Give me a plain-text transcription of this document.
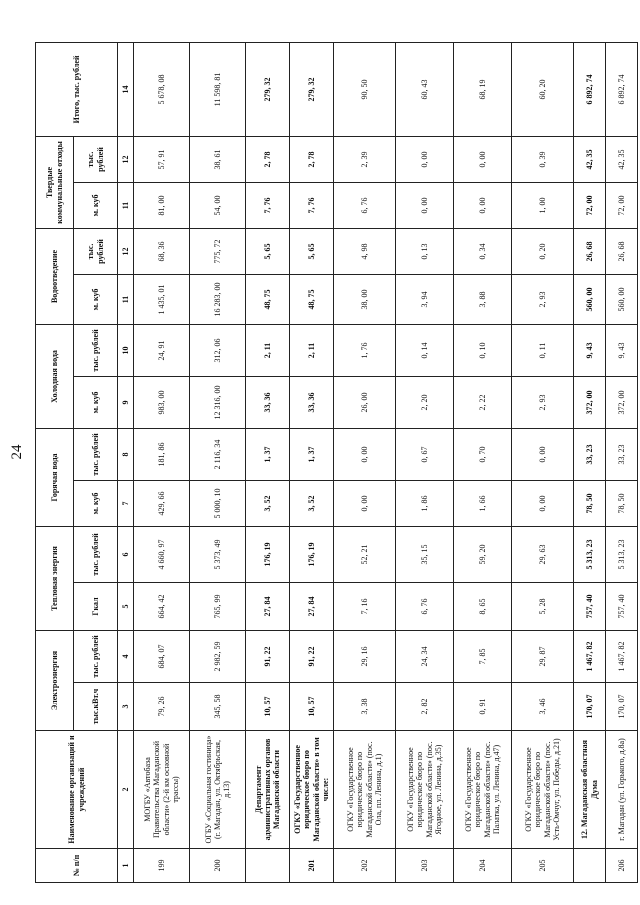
24
№ п/п	Наименование организаций и учреждений	Электроэнергия		Тепловая энергия		Горячая вода		Холодная вода		Водоотведение		Твердые коммунальные отходы		Итого, тыс. рублей
		тыс.кВт.ч	тыс. рублей	Гкал	тыс. рублей	м. куб	тыс. рублей	м. куб	тыс. рублей	м. куб	тыс. рублей	м. куб	тыс. рублей	
1	2	3	4	5	6	7	8	9	10	11	12	11	12	14
199	МОГБУ «Автобаза Правительства Магаданской области» (2-й км основной трассы)	79, 26	684, 07	664, 42	4 660, 97	429, 66	181, 86	983, 00	24, 91	1 435, 01	68, 36	81, 00	57, 91	5 678, 08
200	ОГБУ «Социальная гостиница» (г. Магадан, ул. Октябрьская, д.13)	345, 58	2 982, 59	765, 99	5 373, 49	5 000, 10	2 116, 34	12 316, 00	312, 06	16 283, 00	775, 72	54, 00	38, 61	11 598, 81
	Департамент административных органов Магаданской области	10, 57	91, 22	27, 84	176, 19	3, 52	1, 37	33, 36	2, 11	48, 75	5, 65	7, 76	2, 78	279, 32
201	ОГКУ «Государственное юридическое бюро по Магаданской области» в том числе:	10, 57	91, 22	27, 84	176, 19	3, 52	1, 37	33, 36	2, 11	48, 75	5, 65	7, 76	2, 78	279, 32
202	ОГКУ «Государственное юридическое бюро по Магаданской области» (пос. Ола, пл. Ленина, д.1)	3, 38	29, 16	7, 16	52, 21	0, 00	0, 00	26, 00	1, 76	38, 00	4, 98	6, 76	2, 39	90, 50
203	ОГКУ «Государственное юридическое бюро по Магаданской области» (пос. Ягодное, ул. Ленина, д.35)	2, 82	24, 34	6, 76	35, 15	1, 86	0, 67	2, 20	0, 14	3, 94	0, 13	0, 00	0, 00	60, 43
204	ОГКУ «Государственное юридическое бюро по Магаданской области» (пос. Палатка, ул. Ленина, д.47)	0, 91	7, 85	8, 65	59, 20	1, 66	0, 70	2, 22	0, 10	3, 88	0, 34	0, 00	0, 00	68, 19
205	ОГКУ «Государственное юридическое бюро по Магаданской области» (пос. Усть-Омчуг, ул. Победы, д.21)	3, 46	29, 87	5, 28	29, 63	0, 00	0, 00	2, 93	0, 11	2, 93	0, 20	1, 00	0, 39	60, 20
	12. Магаданская областная Дума	170, 07	1 467, 82	757, 40	5 313, 23	78, 50	33, 23	372, 00	9, 43	560, 00	26, 68	72, 00	42, 35	6 892, 74
206	г. Магадан (ул. Горького, д.8а)	170, 07	1 467, 82	757, 40	5 313, 23	78, 50	33, 23	372, 00	9, 43	560, 00	26, 68	72, 00	42, 35	6 892, 74
